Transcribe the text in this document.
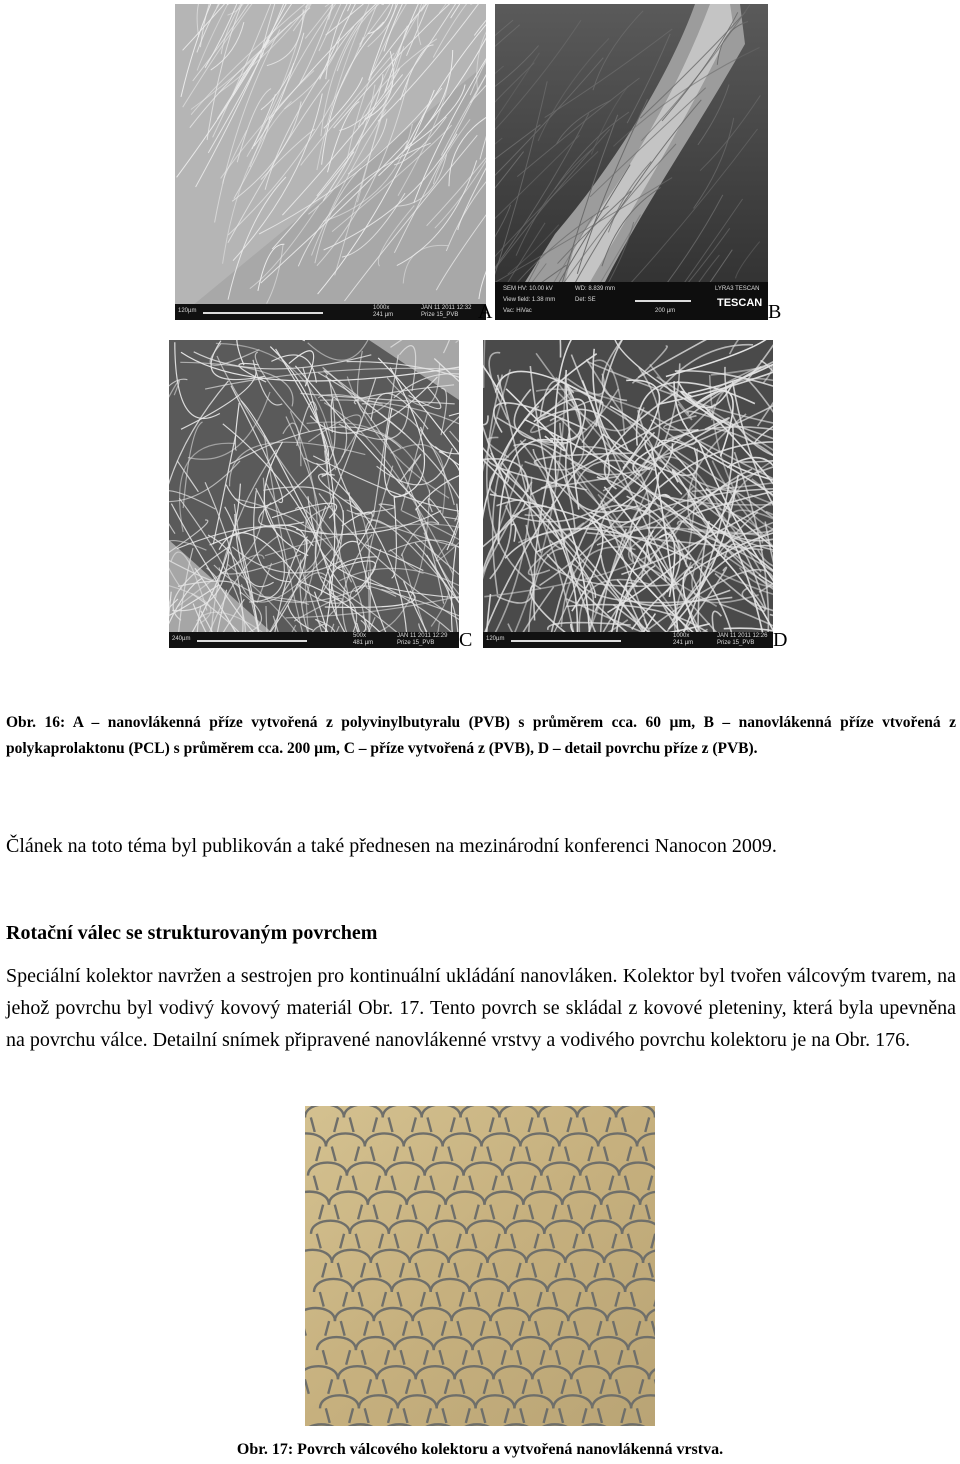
120µm	1000x
241 µm
JAN 11 2011 12:32
Prize 15_PVB A
SEM HV: 10.00 kV
View field: 1.38 mm
Vac: HiVac
WD: 8.839 mm
Det: SE
200 µm
LYRA3 TESCAN
TESCAN B
240µm	500x
481 µm
JAN 11 2011 12:29
Prize 15_PVB C 120µm	1000x
241 µm
JAN 11 2011 12:26
Prize 15_PVB D
Obr. 16: A – nanovlákenná příze vytvořená z polyvinylbutyralu (PVB) s průměrem cca. 60 µm, B – nanovlákenná příze vtvořená z polykaprolaktonu (PCL) s průměrem cca. 200 µm, C – příze vytvořená z (PVB), D – detail povrchu příze z (PVB).
Článek na toto téma byl publikován a také přednesen na mezinárodní konferenci Nanocon 2009.
Rotační válec se strukturovaným povrchem
Speciální kolektor navržen a sestrojen pro kontinuální ukládání nanovláken. Kolektor byl tvořen válcovým tvarem, na jehož povrchu byl vodivý kovový materiál Obr. 17. Tento povrch se skládal z kovové pleteniny, která byla upevněna na povrchu válce. Detailní snímek připravené nanovlákenné vrstvy a vodivého povrchu kolektoru je na Obr. 176.
Obr. 17: Povrch válcového kolektoru a vytvořená nanovlákenná vrstva.
